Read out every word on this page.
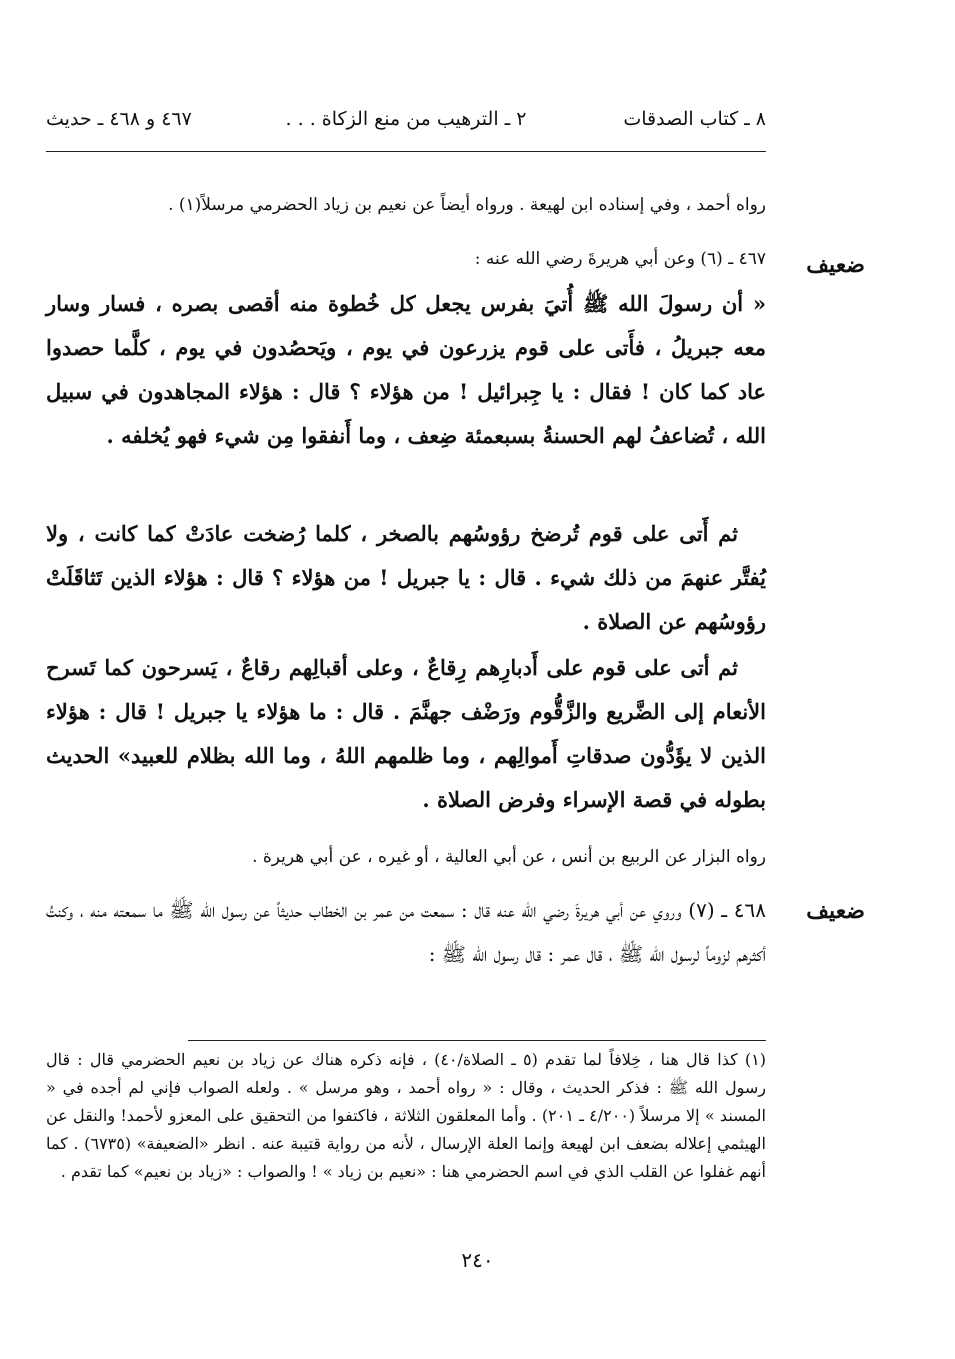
٨ ـ كتاب الصدقات
٢ ـ الترهيب من منع الزكاة . . .
٤٦٧ و ٤٦٨ ـ حديث
رواه أحمد ، وفي إسناده ابن لهيعة . ورواه أيضاً عن نعيم بن زياد الحضرمي مرسلاً(١) .
ضعيف
٤٦٧ ـ (٦) وعن أبي هريرةَ رضي الله عنه :
« أن رسولَ الله ﷺ أُتيَ بفرس يجعل كل خُطوة منه أقصى بصره ، فسار وسار معه جبريلُ ، فأَتى على قوم يزرعون في يوم ، ويَحصُدون في يوم ، كلَّما حصدوا عاد كما كان ! فقال : يا جِبرائيل ! من هؤلاء ؟ قال : هؤلاء المجاهدون في سبيل الله ، تُضاعفُ لهم الحسنةُ بسبعمئة ضِعف ، وما أَنفقوا مِن شيء فهو يُخلفه .
ثم أَتى على قوم تُرضخ رؤوسُهم بالصخر ، كلما رُضخت عادَتْ كما كانت ، ولا يُفتَّر عنهمَ من ذلك شيء . قال : يا جبريل ! من هؤلاء ؟ قال : هؤلاء الذين تَثاقَلَتْ رؤوسُهم عن الصلاة .
ثم أتى على قوم على أَدبارِهم رِقاعٌ ، وعلى أقبالِهم رقاعٌ ، يَسرحون كما تَسرح الأنعام إلى الضَّريع والزَّقُّوم ورَضْف جهنَّمَ . قال : ما هؤلاء يا جبريل ! قال : هؤلاء الذين لا يؤَدُّون صدقاتِ أَموالِهم ، وما ظلمهم اللهُ ، وما الله بظلام للعبيد» الحديث بطوله في قصة الإسراء وفرض الصلاة .
رواه البزار عن الربيع بن أنس ، عن أبي العالية ، أو غيره ، عن أبي هريرة .
ضعيف
٤٦٨ ـ (٧) وروي عن أبي هريرةَ رضي الله عنه قال : سمعت من عمر بن الخطاب حديثاً عن رسول الله ﷺ ما سمعته منه ، وكنتُ أكثرهم لزوماً لرسول الله ﷺ ، قال عمر : قال رسول الله ﷺ :
(١) كذا قال هنا ، خِلافاً لما تقدم (٥ ـ الصلاة/٤٠) ، فإنه ذكره هناك عن زياد بن نعيم الحضرمي قال : قال رسول الله ﷺ : فذكر الحديث ، وقال : « رواه أحمد ، وهو مرسل » . ولعله الصواب فإني لم أجده في « المسند » إلا مرسلاً (٤/٢٠٠ ـ ٢٠١) . وأما المعلقون الثلاثة ، فاكتفوا من التحقيق على المعزو لأحمد! والنقل عن الهيثمي إعلاله بضعف ابن لهيعة وإنما العلة الإرسال ، لأنه من رواية قتيبة عنه . انظر «الضعيفة» (٦٧٣٥) . كما أنهم غفلوا عن القلب الذي في اسم الحضرمي هنا : «نعيم بن زياد » ! والصواب : «زياد بن نعيم» كما تقدم .
٢٤٠
